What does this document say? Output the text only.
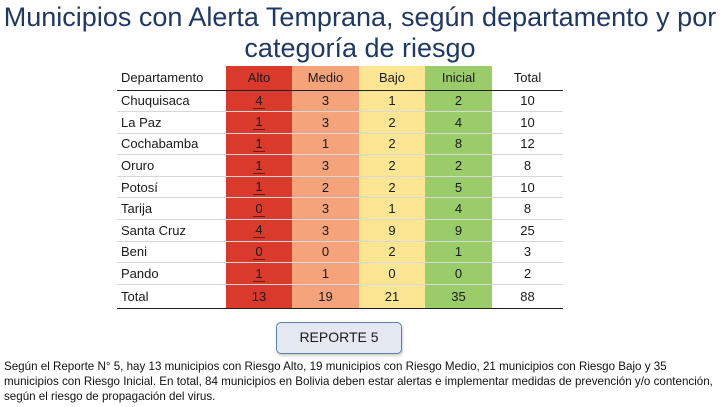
Municipios con Alerta Temprana, según departamento y por categoría de riesgo
Departamento	Alto	Medio	Bajo	Inicial	Total
Chuquisaca	4	3	1	2	10
La Paz	1	3	2	4	10
Cochabamba	1	1	2	8	12
Oruro	1	3	2	2	8
Potosí	1	2	2	5	10
Tarija	0	3	1	4	8
Santa Cruz	4	3	9	9	25
Beni	0	0	2	1	3
Pando	1	1	0	0	2
Total	13	19	21	35	88
REPORTE 5
Según el Reporte N° 5, hay 13 municipios con Riesgo Alto, 19 municipios con Riesgo Medio, 21 municipios con Riesgo Bajo y 35 municipios con Riesgo Inicial. En total, 84 municipios en Bolivia deben estar alertas e implementar medidas de prevención y/o contención, según el riesgo de propagación del virus.
